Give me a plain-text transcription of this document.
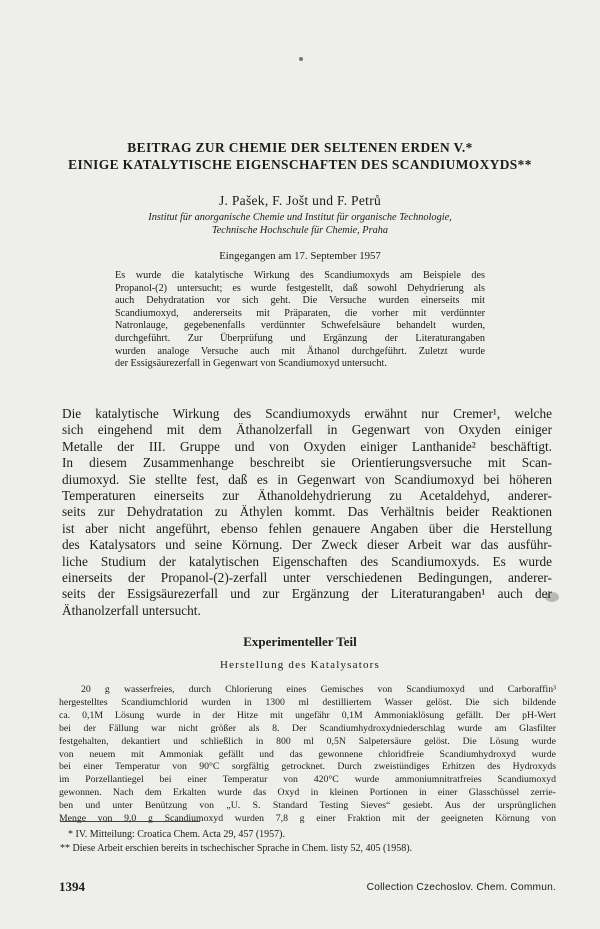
BEITRAG ZUR CHEMIE DER SELTENEN ERDEN V.*
EINIGE KATALYTISCHE EIGENSCHAFTEN DES SCANDIUMOXYDS**
J. Pašek, F. Jošt und F. Petrů
Institut für anorganische Chemie und Institut für organische Technologie,
Technische Hochschule für Chemie, Praha
Eingegangen am 17. September 1957
Es wurde die katalytische Wirkung des Scandiumoxyds am Beispiele des
Propanol-(2) untersucht; es wurde festgestellt, daß sowohl Dehydrierung als
auch Dehydratation vor sich geht. Die Versuche wurden einerseits mit
Scandiumoxyd, andererseits mit Präparaten, die vorher mit verdünnter
Natronlauge, gegebenenfalls verdünnter Schwefelsäure behandelt wurden,
durchgeführt. Zur Überprüfung und Ergänzung der Literaturangaben
wurden analoge Versuche auch mit Äthanol durchgeführt. Zuletzt wurde
der Essigsäurezerfall in Gegenwart von Scandiumoxyd untersucht.
Die katalytische Wirkung des Scandiumoxyds erwähnt nur Cremer¹, welche
sich eingehend mit dem Äthanolzerfall in Gegenwart von Oxyden einiger
Metalle der III. Gruppe und von Oxyden einiger Lanthanide² beschäftigt.
In diesem Zusammenhange beschreibt sie Orientierungsversuche mit Scan-
diumoxyd. Sie stellte fest, daß es in Gegenwart von Scandiumoxyd bei höheren
Temperaturen einerseits zur Äthanoldehydrierung zu Acetaldehyd, anderer-
seits zur Dehydratation zu Äthylen kommt. Das Verhältnis beider Reaktionen
ist aber nicht angeführt, ebenso fehlen genauere Angaben über die Herstellung
des Katalysators und seine Körnung. Der Zweck dieser Arbeit war das ausführ-
liche Studium der katalytischen Eigenschaften des Scandiumoxyds. Es wurde
einerseits der Propanol-(2)-zerfall unter verschiedenen Bedingungen, anderer-
seits der Essigsäurezerfall und zur Ergänzung der Literaturangaben¹ auch der
Äthanolzerfall untersucht.
Experimenteller Teil
Herstellung des Katalysators
20 g wasserfreies, durch Chlorierung eines Gemisches von Scandiumoxyd und Carboraffin³
hergestelltes Scandiumchlorid wurden in 1300 ml destilliertem Wasser gelöst. Die sich bildende
ca. 0,1M Lösung wurde in der Hitze mit ungefähr 0,1M Ammoniaklösung gefällt. Der pH-Wert
bei der Fällung war nicht größer als 8. Der Scandiumhydroxydniederschlag wurde am Glasfilter
festgehalten, dekantiert und schließlich in 800 ml 0,5N Salpetersäure gelöst. Die Lösung wurde
von neuem mit Ammoniak gefällt und das gewonnene chloridfreie Scandiumhydroxyd wurde
bei einer Temperatur von 90°C sorgfältig getrocknet. Durch zweistündiges Erhitzen des Hydroxyds
im Porzellantiegel bei einer Temperatur von 420°C wurde ammoniumnitratfreies Scandiumoxyd
gewonnen. Nach dem Erkalten wurde das Oxyd in kleinen Portionen in einer Glasschüssel zerrie-
ben und unter Benützung von „U. S. Standard Testing Sieves“ gesiebt. Aus der ursprünglichen
Menge von 9,0 g Scandiumoxyd wurden 7,8 g einer Fraktion mit der geeigneten Körnung von
* IV. Mitteilung: Croatica Chem. Acta 29, 457 (1957).
** Diese Arbeit erschien bereits in tschechischer Sprache in Chem. listy 52, 405 (1958).
1394	Collection Czechoslov. Chem. Commun.
